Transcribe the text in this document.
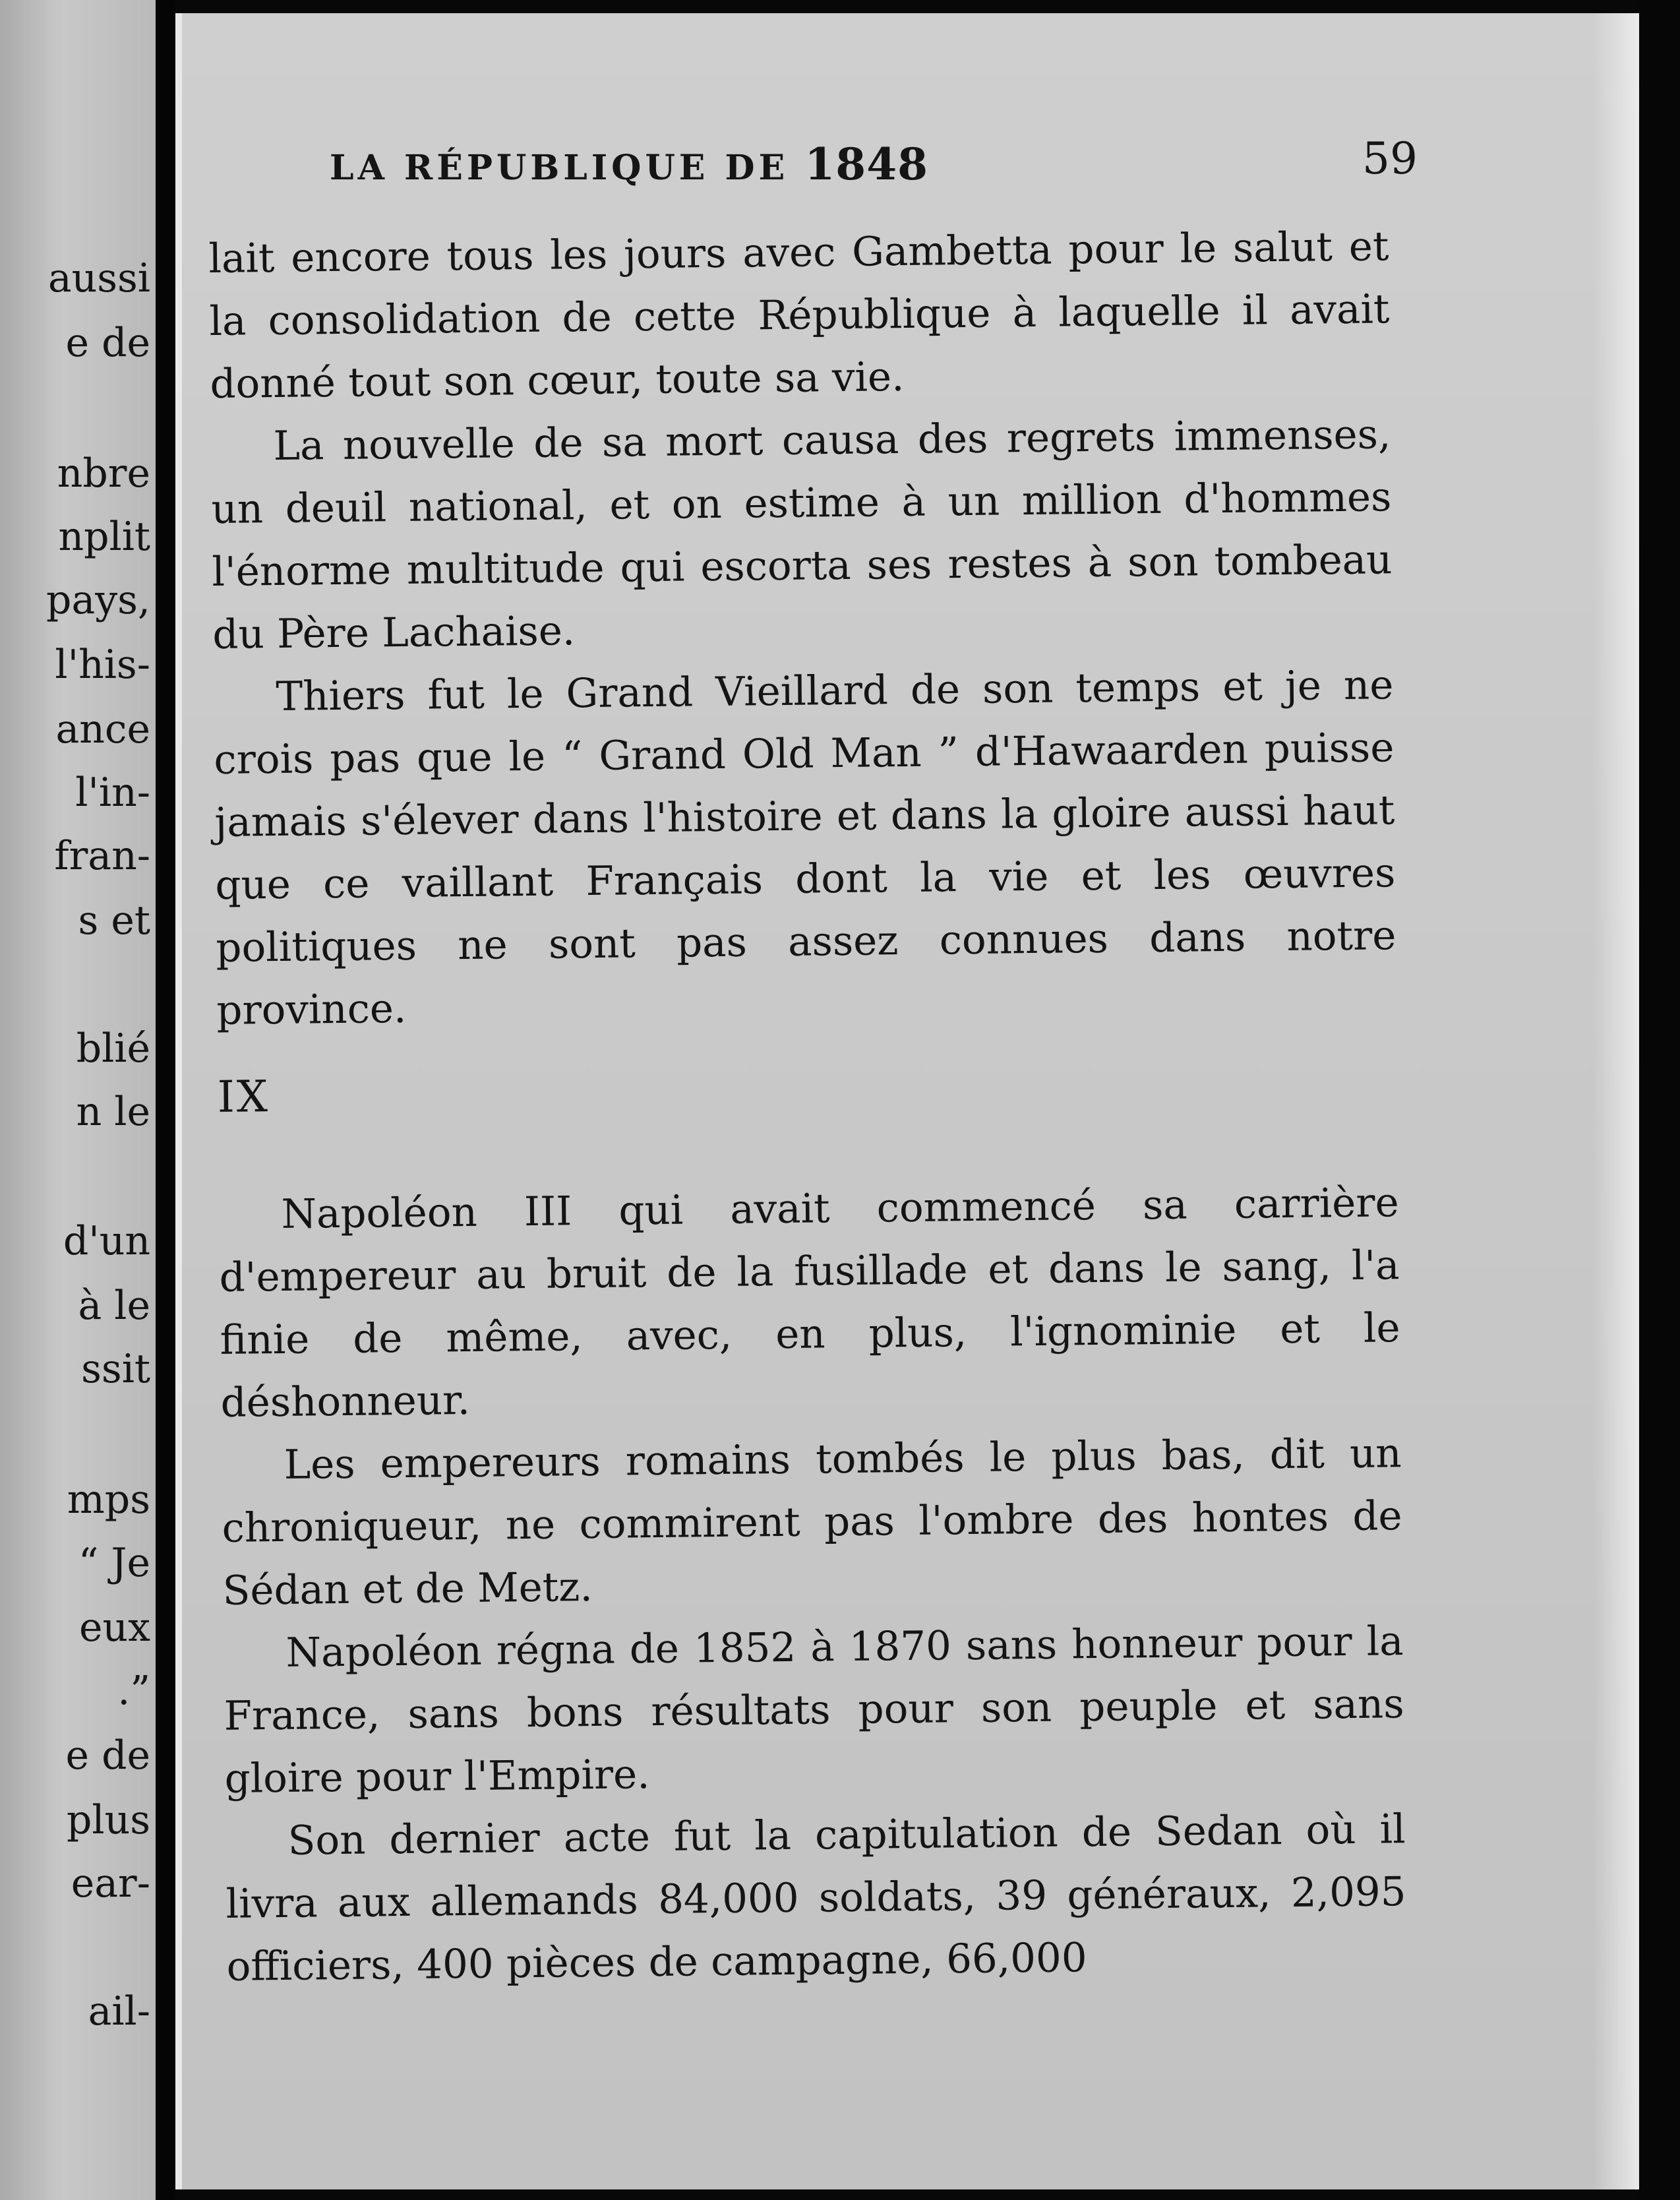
aussi
e de
nbre
nplit
pays,
l'his-
ance
l'in-
fran-
s et
blié
n le
d'un
à le
ssit
mps
“ Je
eux
.”
e de
plus
ear-
ail-
LA RÉPUBLIQUE DE 1848	59

lait encore tous les jours avec Gambetta pour le salut et la consolidation de cette République à laquelle il avait donné tout son cœur, toute sa vie.

La nouvelle de sa mort causa des regrets immenses, un deuil national, et on estime à un million d'hommes l'énorme multitude qui escorta ses restes à son tombeau du Père Lachaise.

Thiers fut le Grand Vieillard de son temps et je ne crois pas que le “ Grand Old Man ” d'Hawaarden puisse jamais s'élever dans l'histoire et dans la gloire aussi haut que ce vaillant Français dont la vie et les œuvres politiques ne sont pas assez connues dans notre province.

IX

Napoléon III qui avait commencé sa carrière d'empereur au bruit de la fusillade et dans le sang, l'a finie de même, avec, en plus, l'ignominie et le déshonneur.

Les empereurs romains tombés le plus bas, dit un chroniqueur, ne commirent pas l'ombre des hontes de Sédan et de Metz.

Napoléon régna de 1852 à 1870 sans honneur pour la France, sans bons résultats pour son peuple et sans gloire pour l'Empire.

Son dernier acte fut la capitulation de Sedan où il livra aux allemands 84,000 soldats, 39 généraux, 2,095 officiers, 400 pièces de campagne, 66,000
